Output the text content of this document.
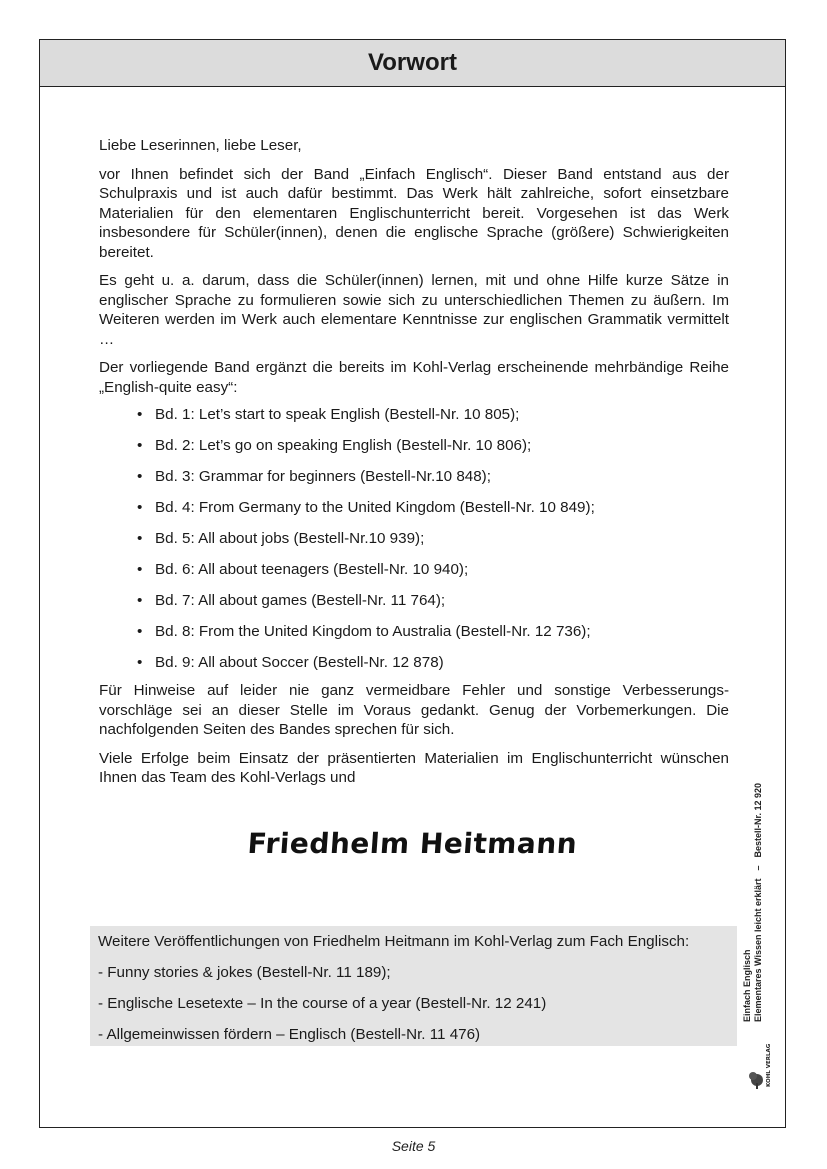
Vorwort

Liebe Leserinnen, liebe Leser,

vor Ihnen befindet sich der Band „Einfach Englisch“. Dieser Band entstand aus der Schulpraxis und ist auch dafür bestimmt. Das Werk hält zahlreiche, sofort einsetzbare Materialien für den elementaren Englischunterricht bereit. Vorgesehen ist das Werk insbesondere für Schüler(innen), denen die englische Sprache (größere) Schwierigkeiten bereitet.

Es geht u. a. darum, dass die Schüler(innen) lernen, mit und ohne Hilfe kurze Sätze in englischer Sprache zu formulieren sowie sich zu unterschiedlichen Themen zu äußern. Im Weiteren werden im Werk auch elementare Kenntnisse zur englischen Grammatik vermittelt …

Der vorliegende Band ergänzt die bereits im Kohl-Verlag erscheinende mehrbändige Reihe „English-quite easy“:

• Bd. 1: Let’s start to speak English (Bestell-Nr. 10 805);
• Bd. 2: Let’s go on speaking English (Bestell-Nr. 10 806);
• Bd. 3: Grammar for beginners (Bestell-Nr.10 848);
• Bd. 4: From Germany to the United Kingdom (Bestell-Nr. 10 849);
• Bd. 5: All about jobs (Bestell-Nr.10 939);
• Bd. 6: All about teenagers (Bestell-Nr. 10 940);
• Bd. 7: All about games (Bestell-Nr. 11 764);
• Bd. 8: From the United Kingdom to Australia (Bestell-Nr. 12 736);
• Bd. 9: All about Soccer (Bestell-Nr. 12 878)

Für Hinweise auf leider nie ganz vermeidbare Fehler und sonstige Verbesserungs- vorschläge sei an dieser Stelle im Voraus gedankt. Genug der Vorbemerkungen. Die nachfolgenden Seiten des Bandes sprechen für sich.

Viele Erfolge beim Einsatz der präsentierten Materialien im Englischunterricht wünschen Ihnen das Team des Kohl-Verlags und

Friedhelm Heitmann
Weitere Veröffentlichungen von Friedhelm Heitmann im Kohl-Verlag zum Fach Englisch:
- Funny stories & jokes (Bestell-Nr. 11 189);
- Englische Lesetexte – In the course of a year (Bestell-Nr. 12 241)
- Allgemeinwissen fördern – Englisch (Bestell-Nr. 11 476)
Einfach Englisch Elementares Wissen leicht erklärt
–
Bestell-Nr. 12 920
KOHL VERLAG
Seite 5
